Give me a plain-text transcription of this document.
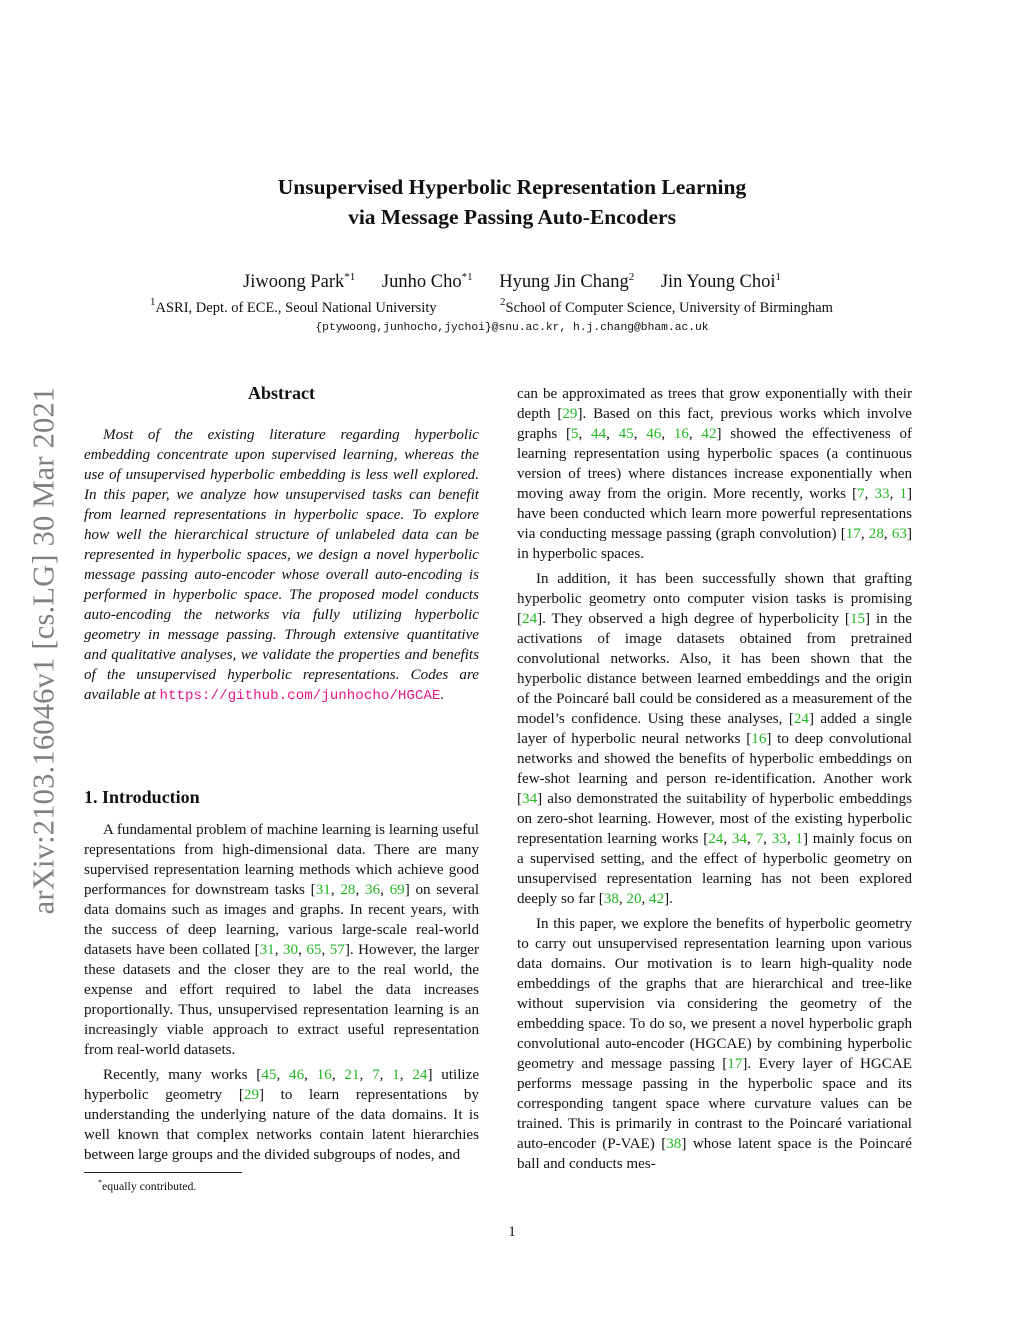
arXiv:2103.16046v1 [cs.LG] 30 Mar 2021
Unsupervised Hyperbolic Representation Learning
via Message Passing Auto-Encoders
Jiwoong Park$^{*1}$ Junho Cho$^{*1}$ Hyung Jin Chang$^2$ Jin Young Choi$^1$
$^1$ASRI, Dept. of ECE., Seoul National University	$^2$School of Computer Science, University of Birmingham
{ptywoong,junhocho,jychoi}@snu.ac.kr, h.j.chang@bham.ac.uk
Abstract
Most of the existing literature regarding hyperbolic embedding concentrate upon supervised learning, whereas the use of unsupervised hyperbolic embedding is less well explored. In this paper, we analyze how unsupervised tasks can benefit from learned representations in hyperbolic space. To explore how well the hierarchical structure of unlabeled data can be represented in hyperbolic spaces, we design a novel hyperbolic message passing auto-encoder whose overall auto-encoding is performed in hyperbolic space. The proposed model conducts auto-encoding the networks via fully utilizing hyperbolic geometry in message passing. Through extensive quantitative and qualitative analyses, we validate the properties and benefits of the unsupervised hyperbolic representations. Codes are available at https://github.com/junhocho/HGCAE.
1. Introduction

A fundamental problem of machine learning is learning useful representations from high-dimensional data. There are many supervised representation learning methods which achieve good performances for downstream tasks [31, 28, 36, 69] on several data domains such as images and graphs. In recent years, with the success of deep learning, various large-scale real-world datasets have been collated [31, 30, 65, 57]. However, the larger these datasets and the closer they are to the real world, the expense and effort required to label the data increases proportionally. Thus, unsupervised representation learning is an increasingly viable approach to extract useful representation from real-world datasets.

Recently, many works [45, 46, 16, 21, 7, 1, 24] utilize hyperbolic geometry [29] to learn representations by understanding the underlying nature of the data domains. It is well known that complex networks contain latent hierarchies between large groups and the divided subgroups of nodes, and

can be approximated as trees that grow exponentially with their depth [29]. Based on this fact, previous works which involve graphs [5, 44, 45, 46, 16, 42] showed the effectiveness of learning representation using hyperbolic spaces (a continuous version of trees) where distances increase exponentially when moving away from the origin. More recently, works [7, 33, 1] have been conducted which learn more powerful representations via conducting message passing (graph convolution) [17, 28, 63] in hyperbolic spaces.

In addition, it has been successfully shown that grafting hyperbolic geometry onto computer vision tasks is promising [24]. They observed a high degree of hyperbolicity [15] in the activations of image datasets obtained from pretrained convolutional networks. Also, it has been shown that the hyperbolic distance between learned embeddings and the origin of the Poincaré ball could be considered as a measurement of the model’s confidence. Using these analyses, [24] added a single layer of hyperbolic neural networks [16] to deep convolutional networks and showed the benefits of hyperbolic embeddings on few-shot learning and person re-identification. Another work [34] also demonstrated the suitability of hyperbolic embeddings on zero-shot learning. However, most of the existing hyperbolic representation learning works [24, 34, 7, 33, 1] mainly focus on a supervised setting, and the effect of hyperbolic geometry on unsupervised representation learning has not been explored deeply so far [38, 20, 42].

In this paper, we explore the benefits of hyperbolic geometry to carry out unsupervised representation learning upon various data domains. Our motivation is to learn high-quality node embeddings of the graphs that are hierarchical and tree-like without supervision via considering the geometry of the embedding space. To do so, we present a novel hyperbolic graph convolutional auto-encoder (HGCAE) by combining hyperbolic geometry and message passing [17]. Every layer of HGCAE performs message passing in the hyperbolic space and its corresponding tangent space where curvature values can be trained. This is primarily in contrast to the Poincaré variational auto-encoder (P-VAE) [38] whose latent space is the Poincaré ball and conducts mes-

*equally contributed.
1
